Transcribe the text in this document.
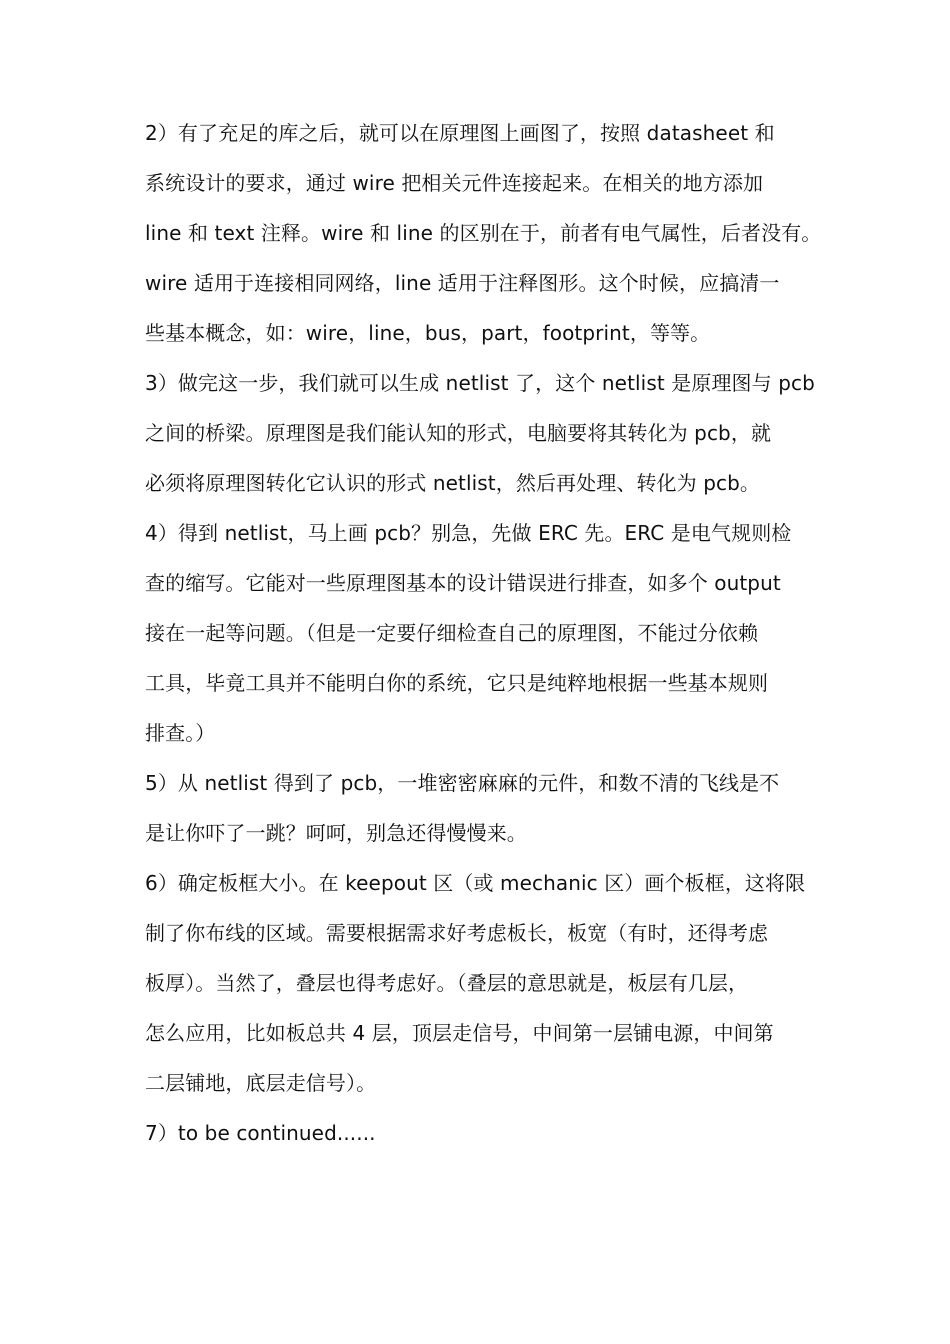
2）有了充足的库之后，就可以在原理图上画图了，按照 datasheet 和
系统设计的要求，通过 wire 把相关元件连接起来。在相关的地方添加
line 和 text 注释。wire 和 line 的区别在于，前者有电气属性，后者没有。
wire 适用于连接相同网络，line 适用于注释图形。这个时候，应搞清一
些基本概念，如：wire，line，bus，part，footprint，等等。
3）做完这一步，我们就可以生成 netlist 了，这个 netlist 是原理图与 pcb
之间的桥梁。原理图是我们能认知的形式，电脑要将其转化为 pcb，就
必须将原理图转化它认识的形式 netlist，然后再处理、转化为 pcb。
4）得到 netlist，马上画 pcb？别急，先做 ERC 先。ERC 是电气规则检
查的缩写。它能对一些原理图基本的设计错误进行排查，如多个 output
接在一起等问题。（但是一定要仔细检查自己的原理图，不能过分依赖
工具，毕竟工具并不能明白你的系统，它只是纯粹地根据一些基本规则
排查。）
5）从 netlist 得到了 pcb，一堆密密麻麻的元件，和数不清的飞线是不
是让你吓了一跳？呵呵，别急还得慢慢来。
6）确定板框大小。在 keepout 区（或 mechanic 区）画个板框，这将限
制了你布线的区域。需要根据需求好考虑板长，板宽（有时，还得考虑
板厚）。当然了，叠层也得考虑好。（叠层的意思就是，板层有几层，
怎么应用，比如板总共 4 层，顶层走信号，中间第一层铺电源，中间第
二层铺地，底层走信号）。
7）to be continued......
